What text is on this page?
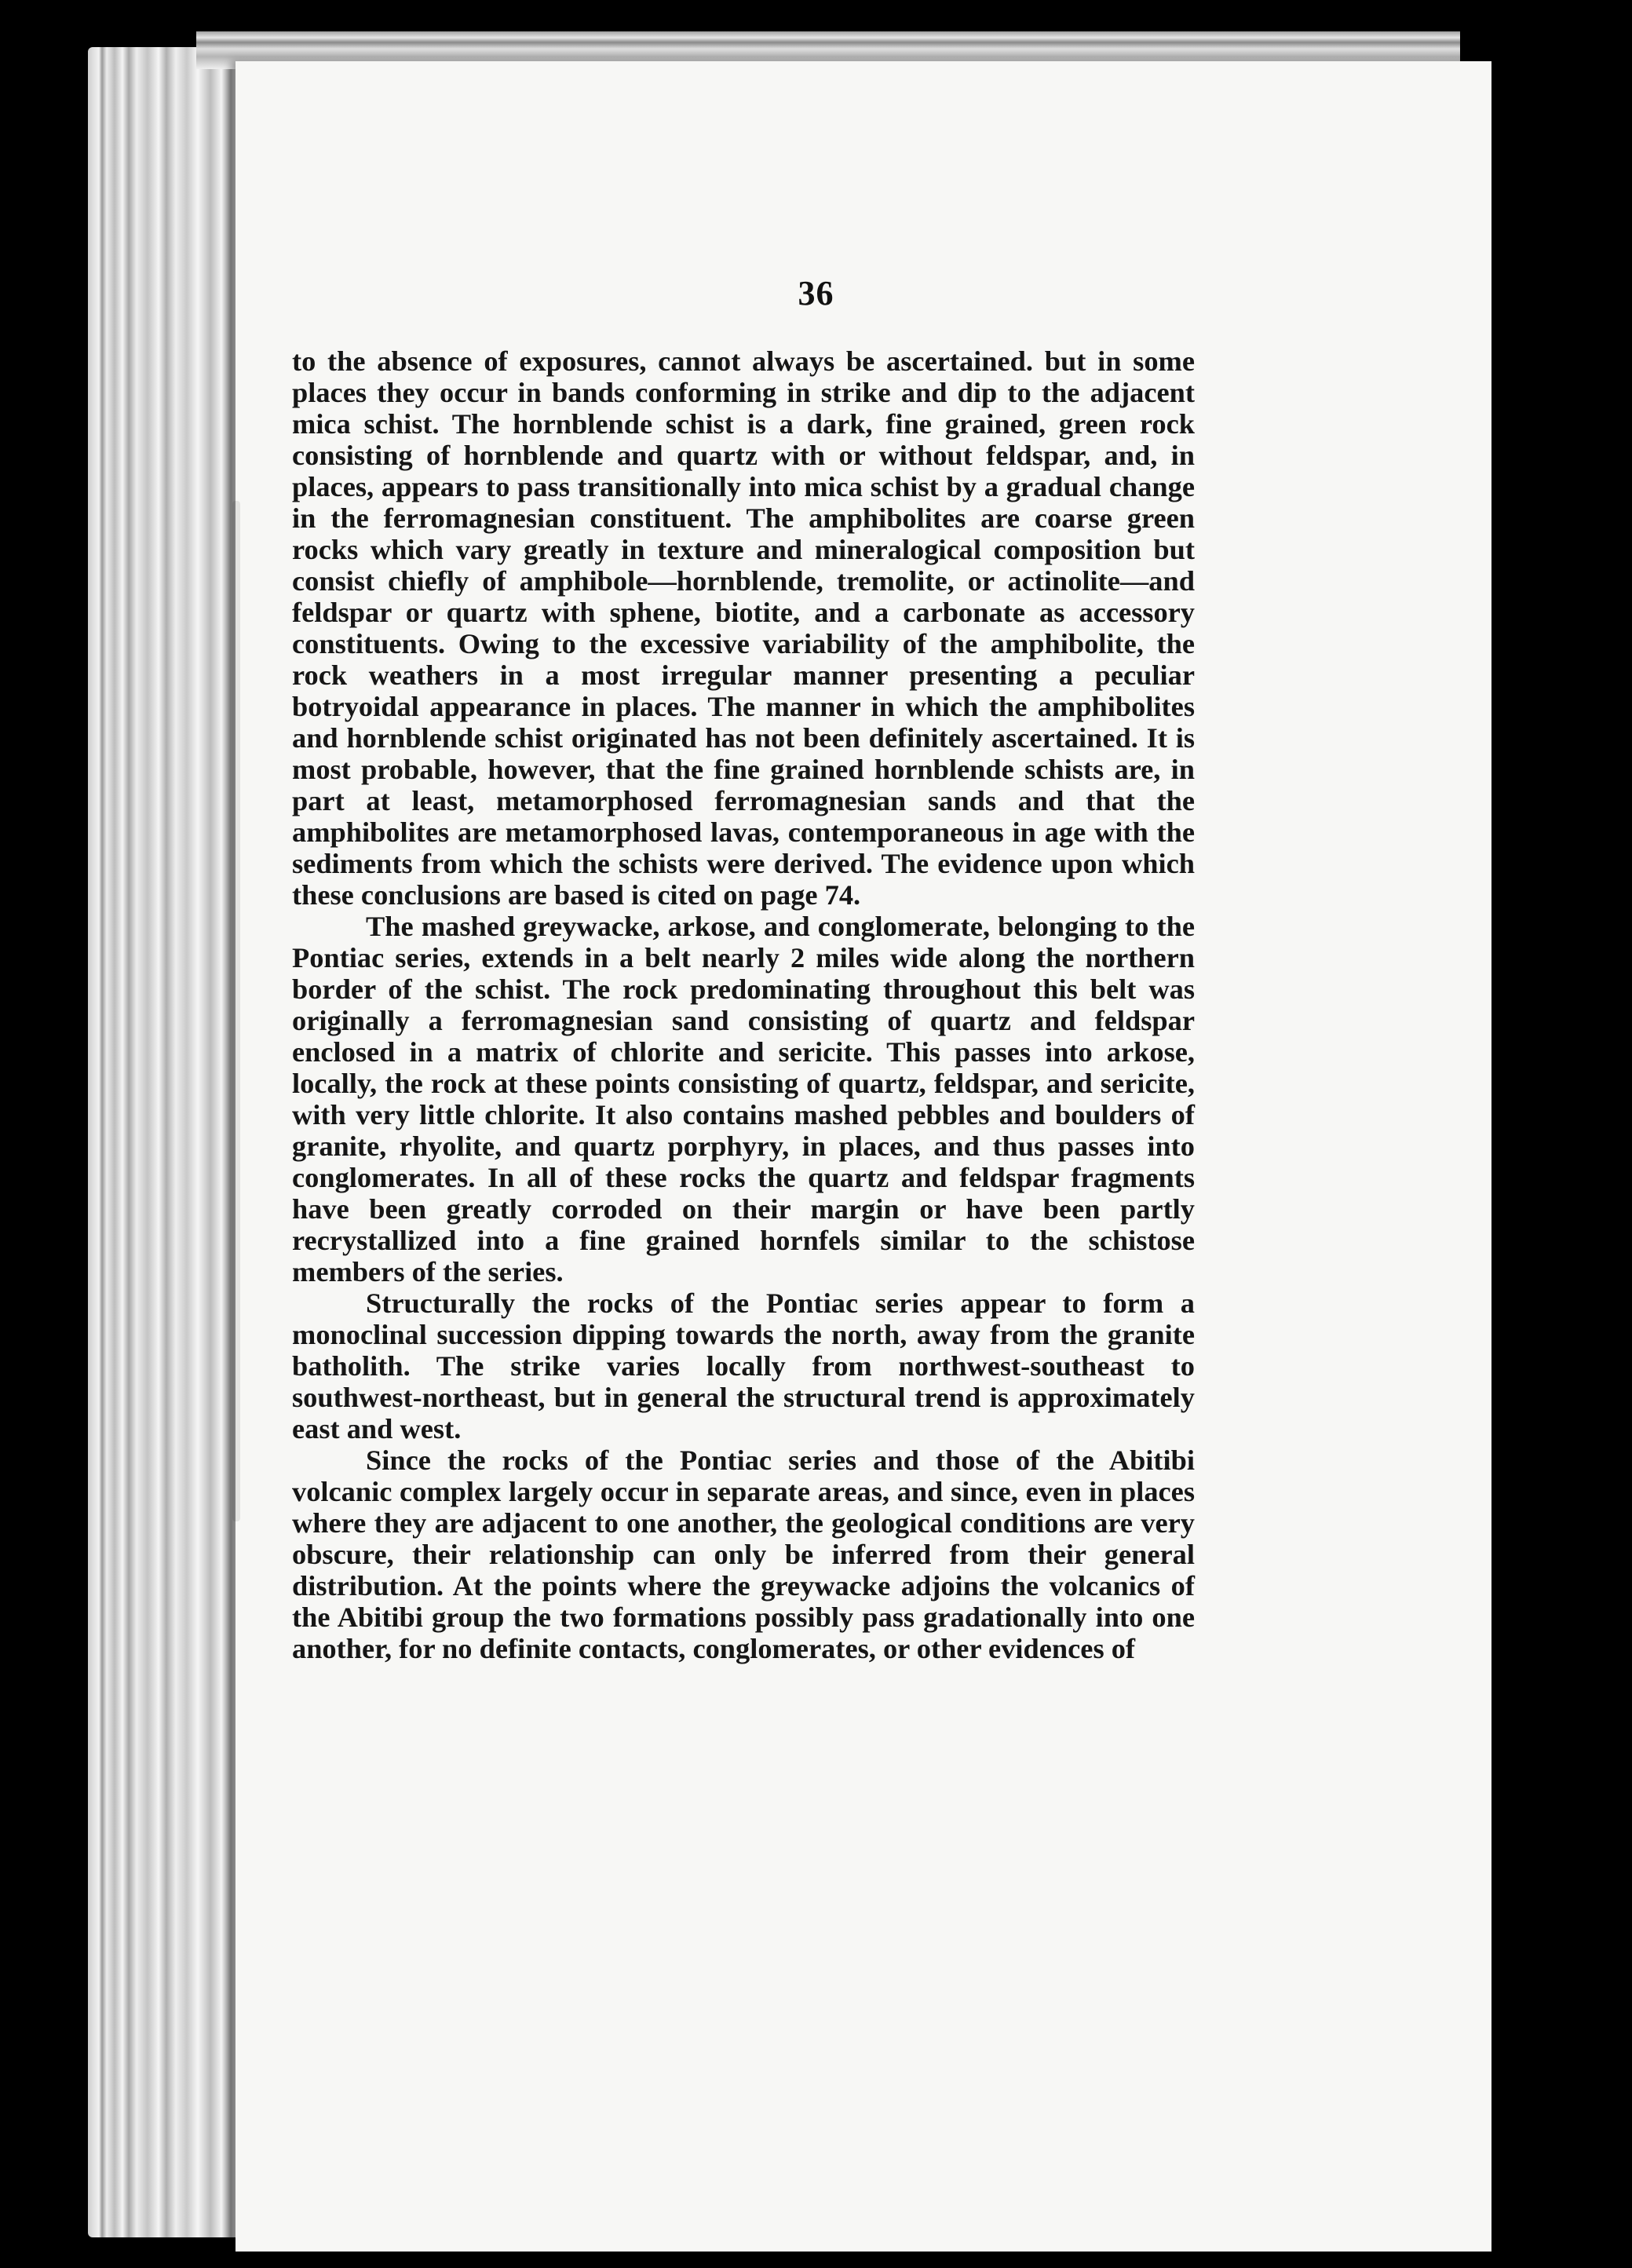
36

to the absence of exposures, cannot always be ascertained. but in some places they occur in bands conforming in strike and dip to the adjacent mica schist. The hornblende schist is a dark, fine grained, green rock consisting of hornblende and quartz with or without feldspar, and, in places, appears to pass transitionally into mica schist by a gradual change in the ferromagnesian constituent. The amphibolites are coarse green rocks which vary greatly in texture and mineralogical composition but consist chiefly of amphibole—hornblende, tremolite, or actinolite—and feldspar or quartz with sphene, biotite, and a carbonate as accessory constituents. Owing to the excessive variability of the amphibolite, the rock weathers in a most irregular manner presenting a peculiar botryoidal appearance in places. The manner in which the amphibolites and hornblende schist originated has not been definitely ascertained. It is most probable, however, that the fine grained hornblende schists are, in part at least, metamorphosed ferromagnesian sands and that the amphibolites are metamorphosed lavas, contemporaneous in age with the sediments from which the schists were derived. The evidence upon which these conclusions are based is cited on page 74.

The mashed greywacke, arkose, and conglomerate, belonging to the Pontiac series, extends in a belt nearly 2 miles wide along the northern border of the schist. The rock predominating throughout this belt was originally a ferromagnesian sand consisting of quartz and feldspar enclosed in a matrix of chlorite and sericite. This passes into arkose, locally, the rock at these points consisting of quartz, feldspar, and sericite, with very little chlorite. It also contains mashed pebbles and boulders of granite, rhyolite, and quartz porphyry, in places, and thus passes into conglomerates. In all of these rocks the quartz and feldspar fragments have been greatly corroded on their margin or have been partly recrystallized into a fine grained hornfels similar to the schistose members of the series.

Structurally the rocks of the Pontiac series appear to form a monoclinal succession dipping towards the north, away from the granite batholith. The strike varies locally from northwest-southeast to southwest-northeast, but in general the structural trend is approximately east and west.

Since the rocks of the Pontiac series and those of the Abitibi volcanic complex largely occur in separate areas, and since, even in places where they are adjacent to one another, the geological conditions are very obscure, their relationship can only be inferred from their general distribution. At the points where the greywacke adjoins the volcanics of the Abitibi group the two formations possibly pass gradationally into one another, for no definite contacts, conglomerates, or other evidences of
